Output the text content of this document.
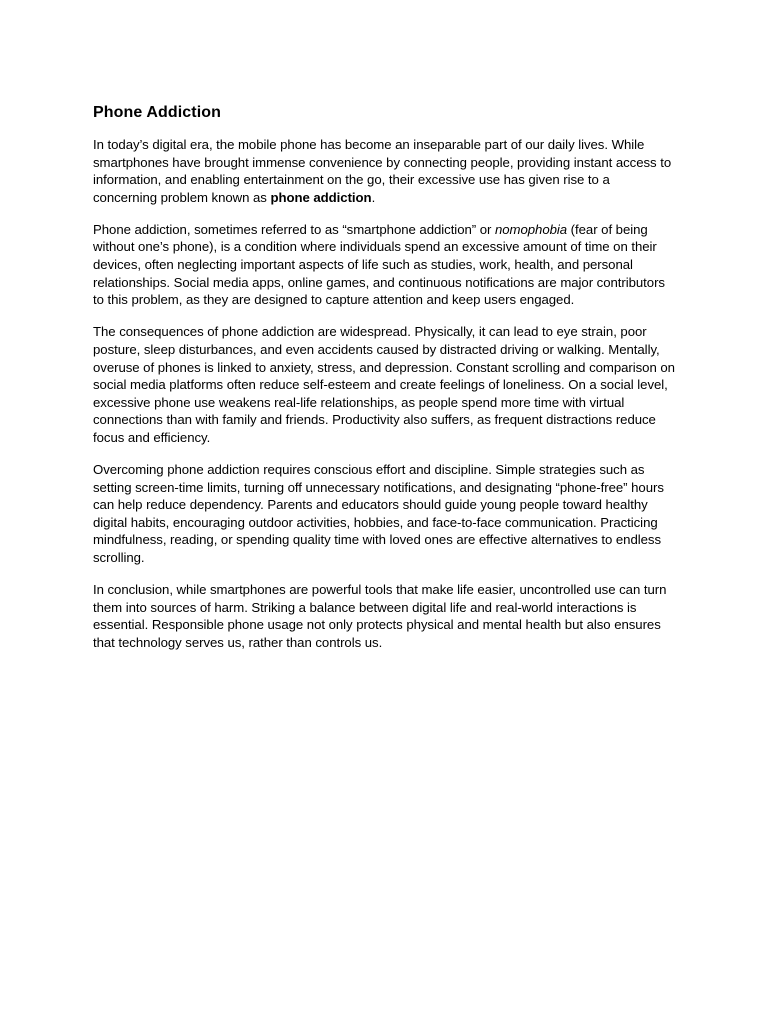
Phone Addiction

In today’s digital era, the mobile phone has become an inseparable part of our daily lives. While smartphones have brought immense convenience by connecting people, providing instant access to information, and enabling entertainment on the go, their excessive use has given rise to a concerning problem known as phone addiction.

Phone addiction, sometimes referred to as “smartphone addiction” or nomophobia (fear of being without one’s phone), is a condition where individuals spend an excessive amount of time on their devices, often neglecting important aspects of life such as studies, work, health, and personal relationships. Social media apps, online games, and continuous notifications are major contributors to this problem, as they are designed to capture attention and keep users engaged.

The consequences of phone addiction are widespread. Physically, it can lead to eye strain, poor posture, sleep disturbances, and even accidents caused by distracted driving or walking. Mentally, overuse of phones is linked to anxiety, stress, and depression. Constant scrolling and comparison on social media platforms often reduce self-esteem and create feelings of loneliness. On a social level, excessive phone use weakens real-life relationships, as people spend more time with virtual connections than with family and friends. Productivity also suffers, as frequent distractions reduce focus and efficiency.

Overcoming phone addiction requires conscious effort and discipline. Simple strategies such as setting screen-time limits, turning off unnecessary notifications, and designating “phone-free” hours can help reduce dependency. Parents and educators should guide young people toward healthy digital habits, encouraging outdoor activities, hobbies, and face-to-face communication. Practicing mindfulness, reading, or spending quality time with loved ones are effective alternatives to endless scrolling.

In conclusion, while smartphones are powerful tools that make life easier, uncontrolled use can turn them into sources of harm. Striking a balance between digital life and real-world interactions is essential. Responsible phone usage not only protects physical and mental health but also ensures that technology serves us, rather than controls us.
